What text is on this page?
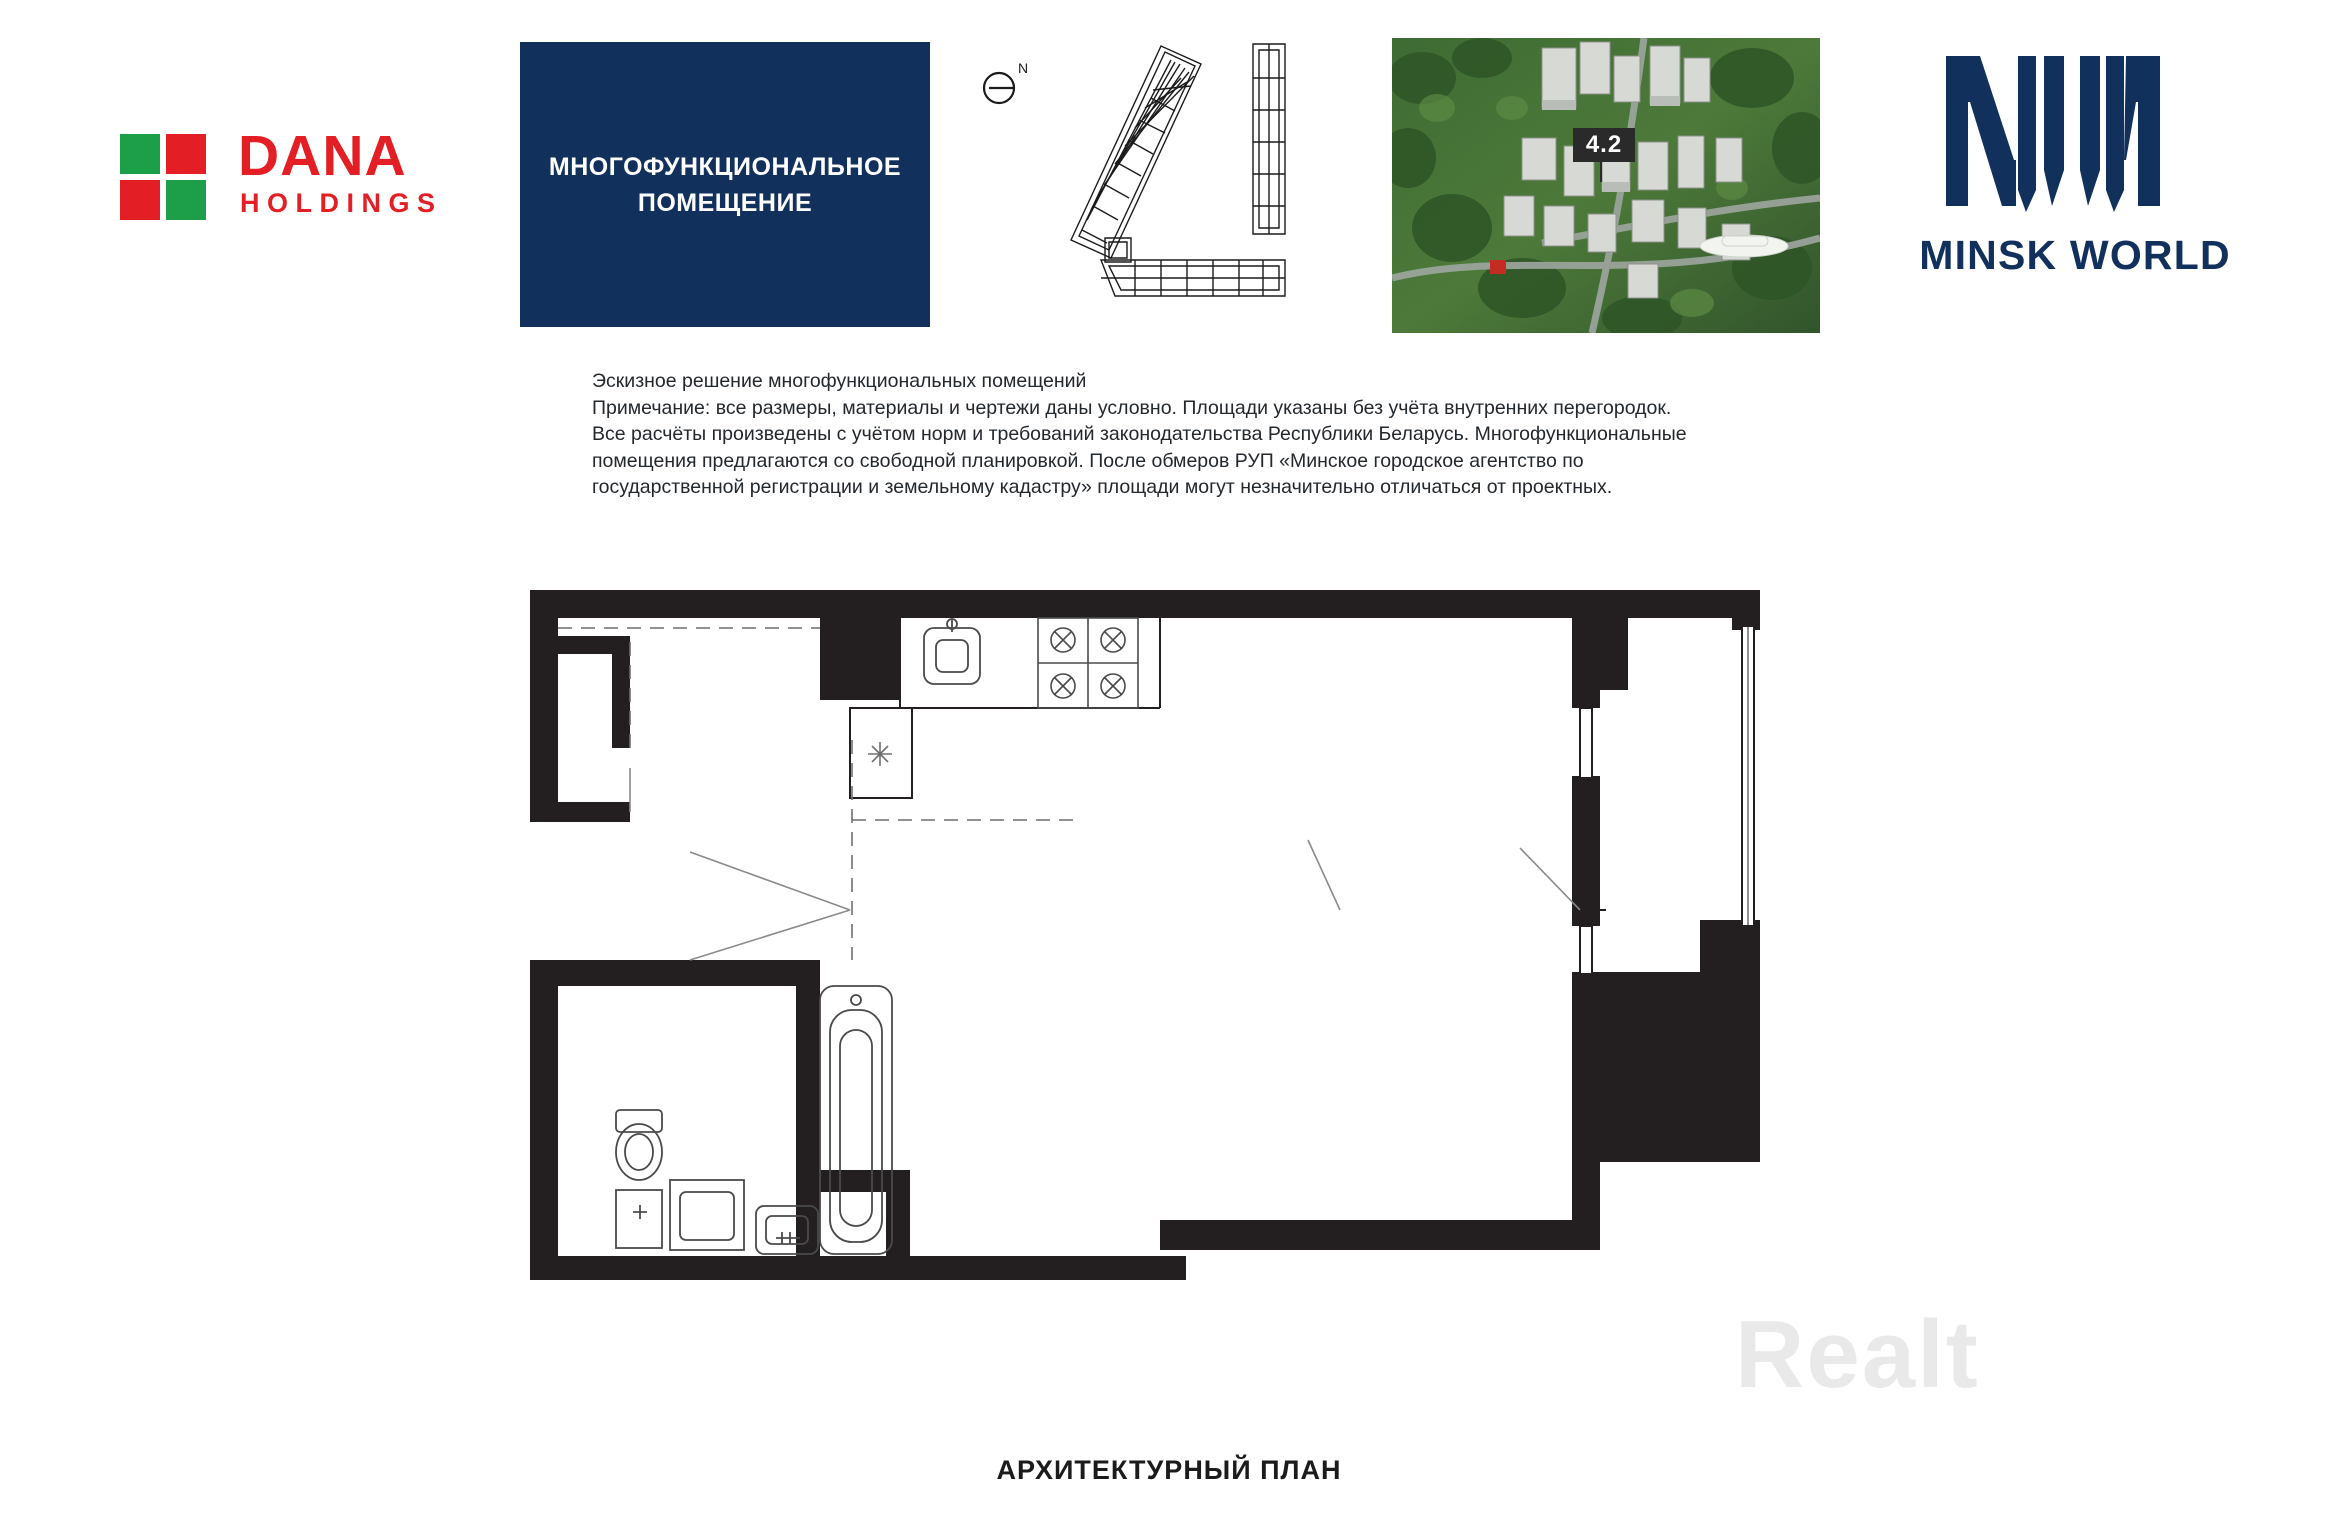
DANA
HOLDINGS
МНОГОФУНКЦИОНАЛЬНОЕ ПОМЕЩЕНИЕ
N
4.2
MINSK WORLD
Эскизное решение многофункциональных помещений
Примечание: все размеры, материалы и чертежи даны условно. Площади указаны без учёта внутренних перегородок.
Все расчёты произведены с учётом норм и требований законодательства Республики Беларусь. Многофункциональные
помещения предлагаются со свободной планировкой. После обмеров РУП «Минское городское агентство по
государственной регистрации и земельному кадастру» площади могут незначительно отличаться от проектных.
Realt
АРХИТЕКТУРНЫЙ ПЛАН
